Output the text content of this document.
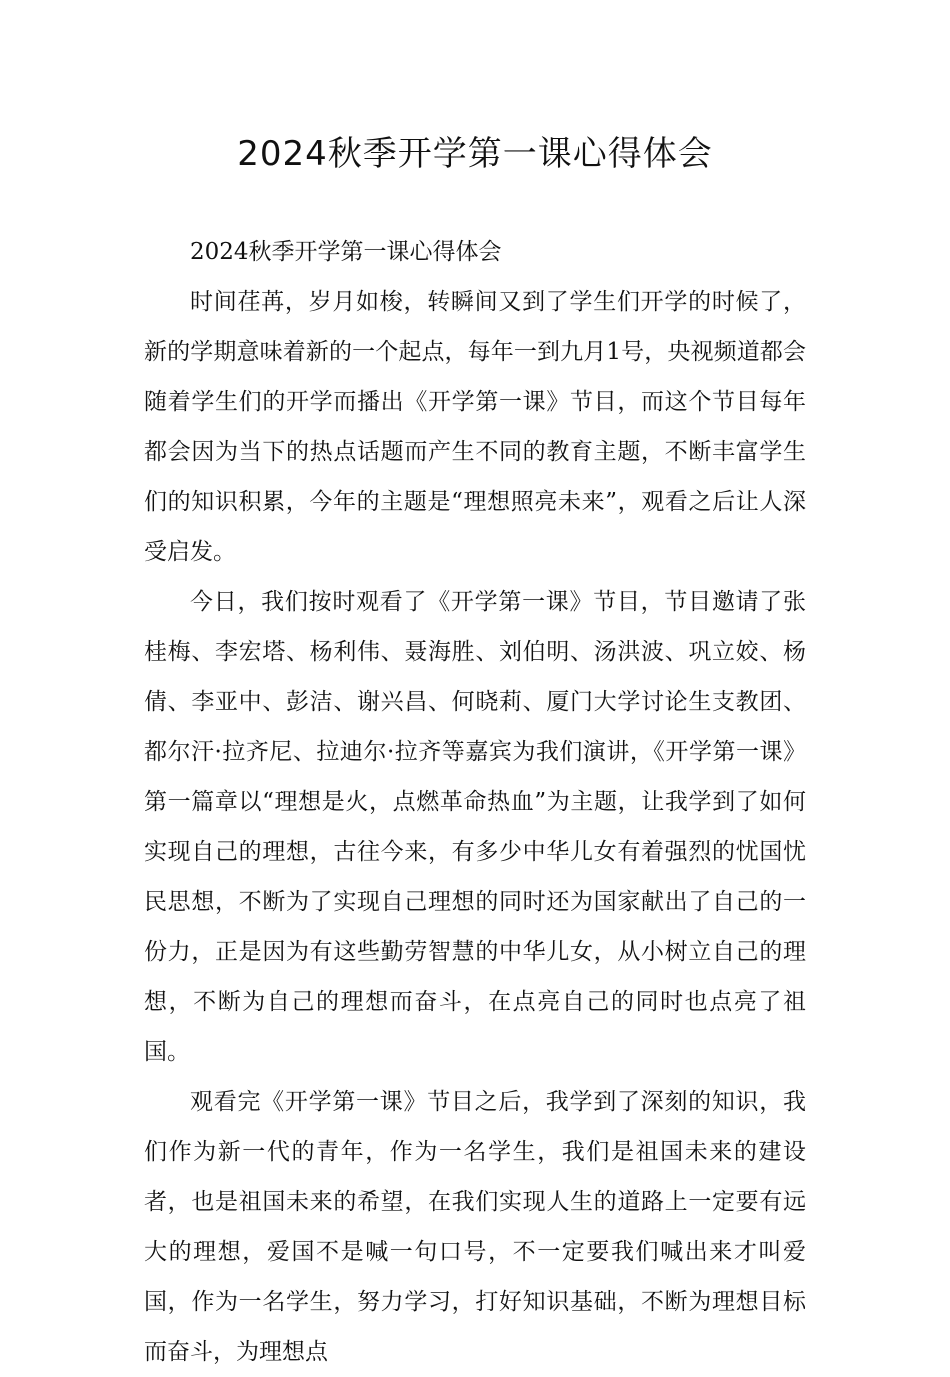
2024秋季开学第一课心得体会

2024秋季开学第一课心得体会

时间荏苒，岁月如梭，转瞬间又到了学生们开学的时候了，新的学期意味着新的一个起点，每年一到九月1号，央视频道都会随着学生们的开学而播出《开学第一课》节目，而这个节目每年都会因为当下的热点话题而产生不同的教育主题，不断丰富学生们的知识积累，今年的主题是“理想照亮未来”，观看之后让人深受启发。

今日，我们按时观看了《开学第一课》节目，节目邀请了张桂梅、李宏塔、杨利伟、聂海胜、刘伯明、汤洪波、巩立姣、杨倩、李亚中、彭洁、谢兴昌、何晓莉、厦门大学讨论生支教团、都尔汗·拉齐尼、拉迪尔·拉齐等嘉宾为我们演讲，《开学第一课》第一篇章以“理想是火，点燃革命热血”为主题，让我学到了如何实现自己的理想，古往今来，有多少中华儿女有着强烈的忧国忧民思想，不断为了实现自己理想的同时还为国家献出了自己的一份力，正是因为有这些勤劳智慧的中华儿女，从小树立自己的理想，不断为自己的理想而奋斗，在点亮自己的同时也点亮了祖国。

观看完《开学第一课》节目之后，我学到了深刻的知识，我们作为新一代的青年，作为一名学生，我们是祖国未来的建设者，也是祖国未来的希望，在我们实现人生的道路上一定要有远大的理想，爱国不是喊一句口号，不一定要我们喊出来才叫爱国，作为一名学生，努力学习，打好知识基础，不断为理想目标而奋斗，为理想点
